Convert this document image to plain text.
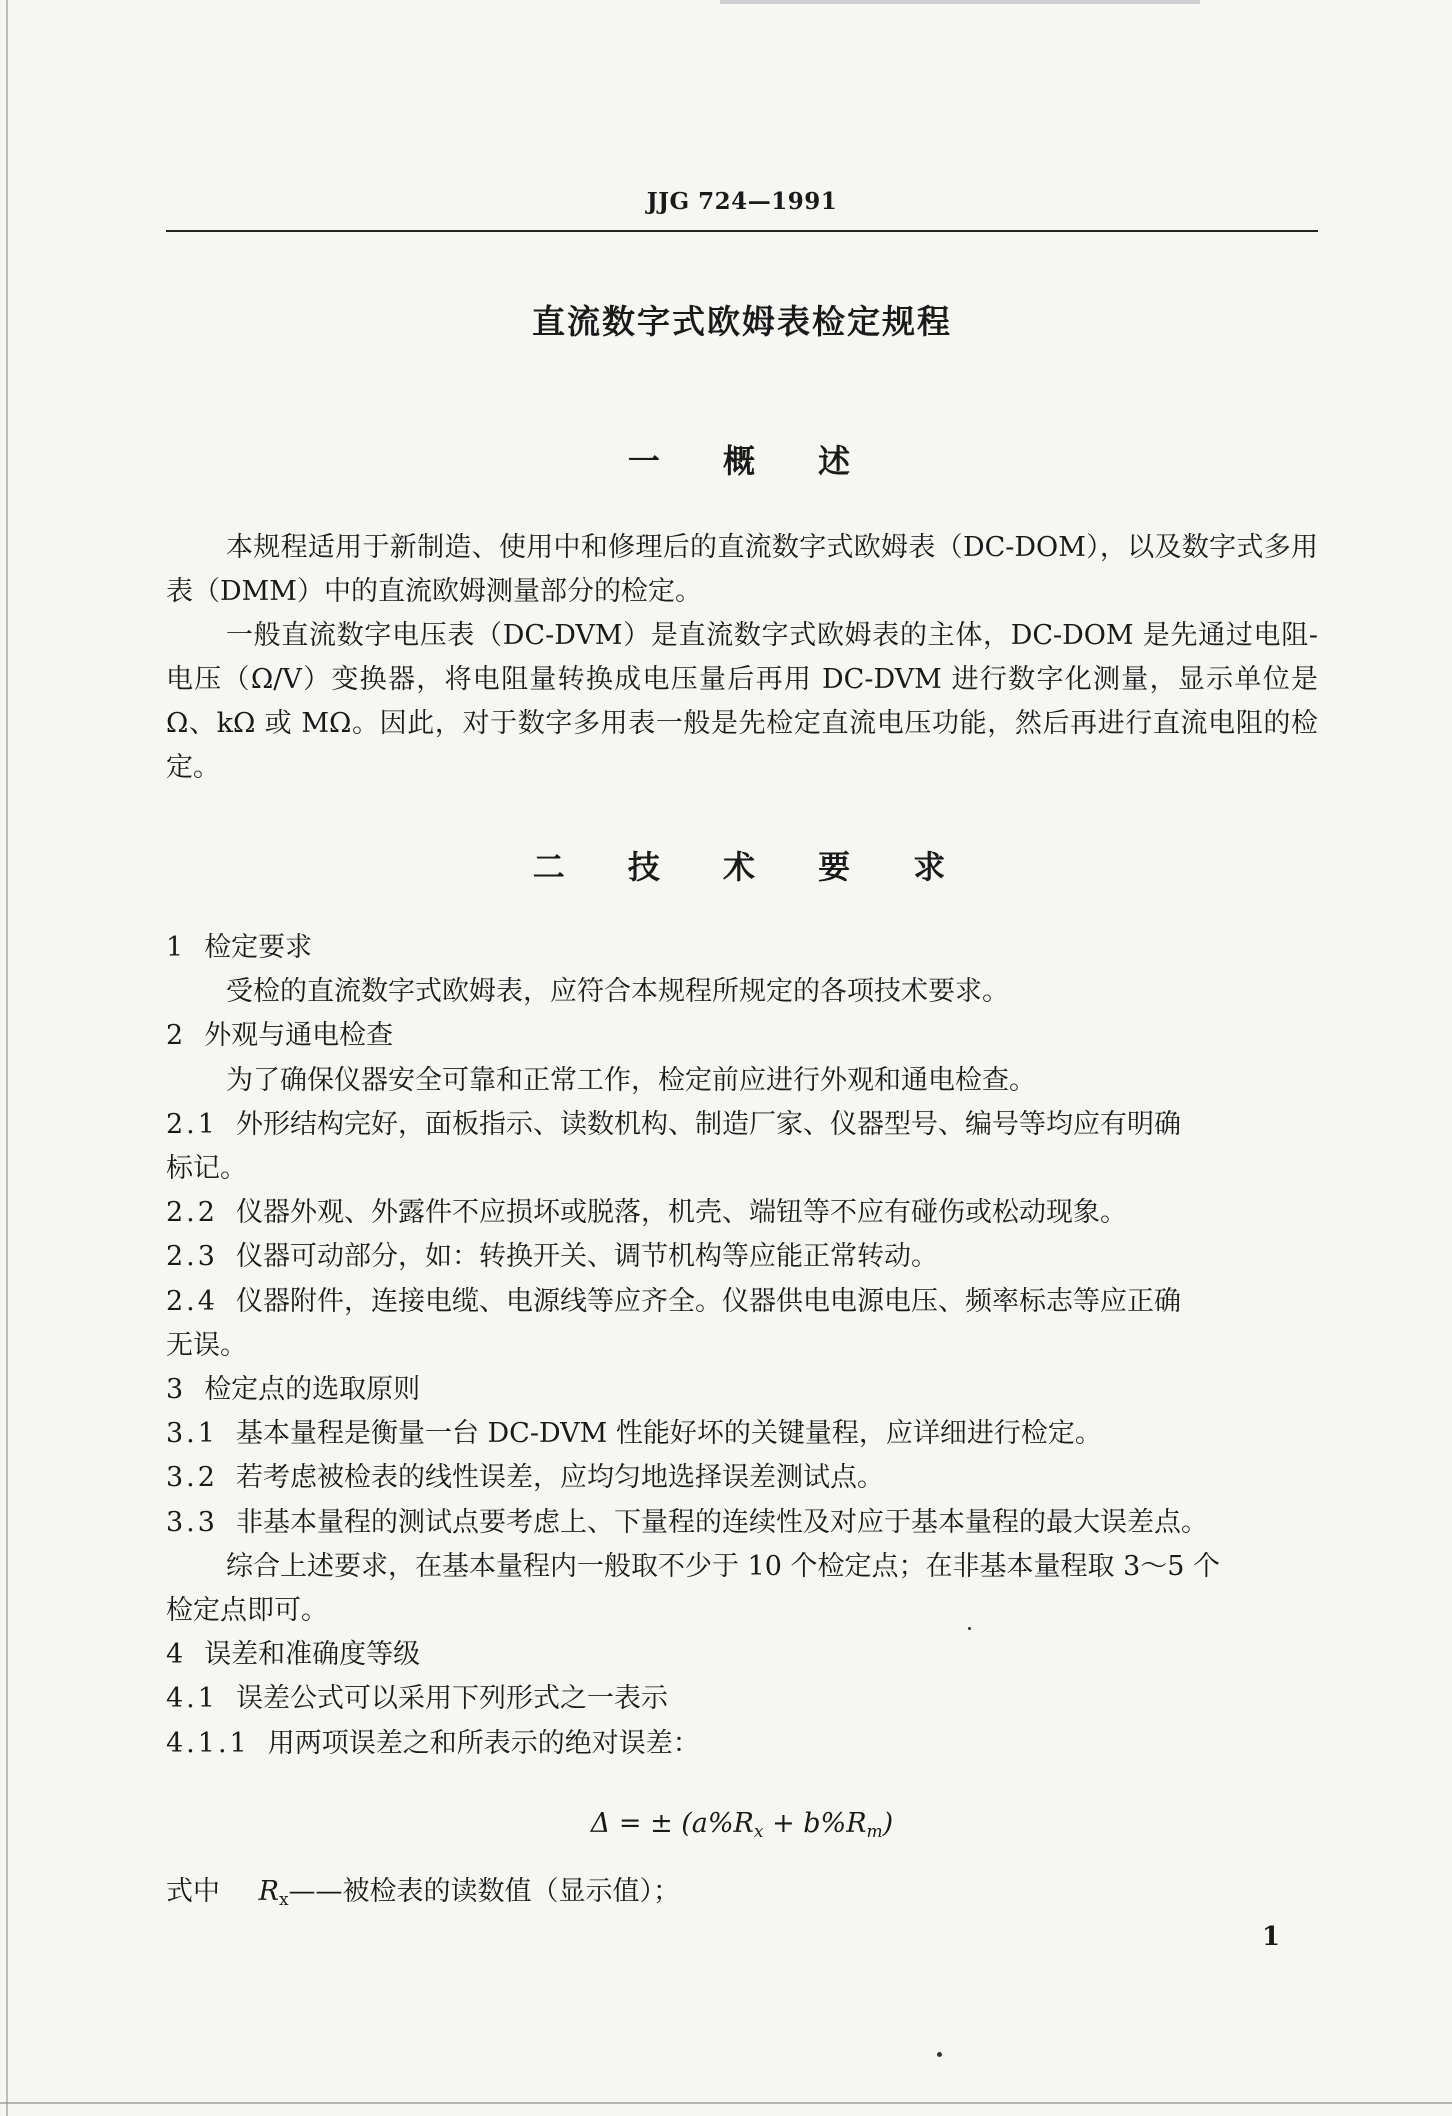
JJG 724—1991
直流数字式欧姆表检定规程
一 概 述
本规程适用于新制造、使用中和修理后的直流数字式欧姆表（DC-DOM），以及数字式多用表（DMM）中的直流欧姆测量部分的检定。
一般直流数字电压表（DC-DVM）是直流数字式欧姆表的主体，DC-DOM 是先通过电阻-电压（Ω/V）变换器，将电阻量转换成电压量后再用 DC-DVM 进行数字化测量，显示单位是 Ω、kΩ 或 MΩ。因此，对于数字多用表一般是先检定直流电压功能，然后再进行直流电阻的检定。
二 技 术 要 求
1 检定要求
受检的直流数字式欧姆表，应符合本规程所规定的各项技术要求。
2 外观与通电检查
为了确保仪器安全可靠和正常工作，检定前应进行外观和通电检查。
2.1 外形结构完好，面板指示、读数机构、制造厂家、仪器型号、编号等均应有明确
标记。
2.2 仪器外观、外露件不应损坏或脱落，机壳、端钮等不应有碰伤或松动现象。
2.3 仪器可动部分，如：转换开关、调节机构等应能正常转动。
2.4 仪器附件，连接电缆、电源线等应齐全。仪器供电电源电压、频率标志等应正确
无误。
3 检定点的选取原则
3.1 基本量程是衡量一台 DC-DVM 性能好坏的关键量程，应详细进行检定。
3.2 若考虑被检表的线性误差，应均匀地选择误差测试点。
3.3 非基本量程的测试点要考虑上、下量程的连续性及对应于基本量程的最大误差点。
综合上述要求，在基本量程内一般取不少于 10 个检定点；在非基本量程取 3～5 个
检定点即可。
4 误差和准确度等级
4.1 误差公式可以采用下列形式之一表示
4.1.1 用两项误差之和所表示的绝对误差：
Δ = ± $(a\%R_x + b\%R_m)$
式中 $R_x——$被检表的读数值（显示值）；
1
